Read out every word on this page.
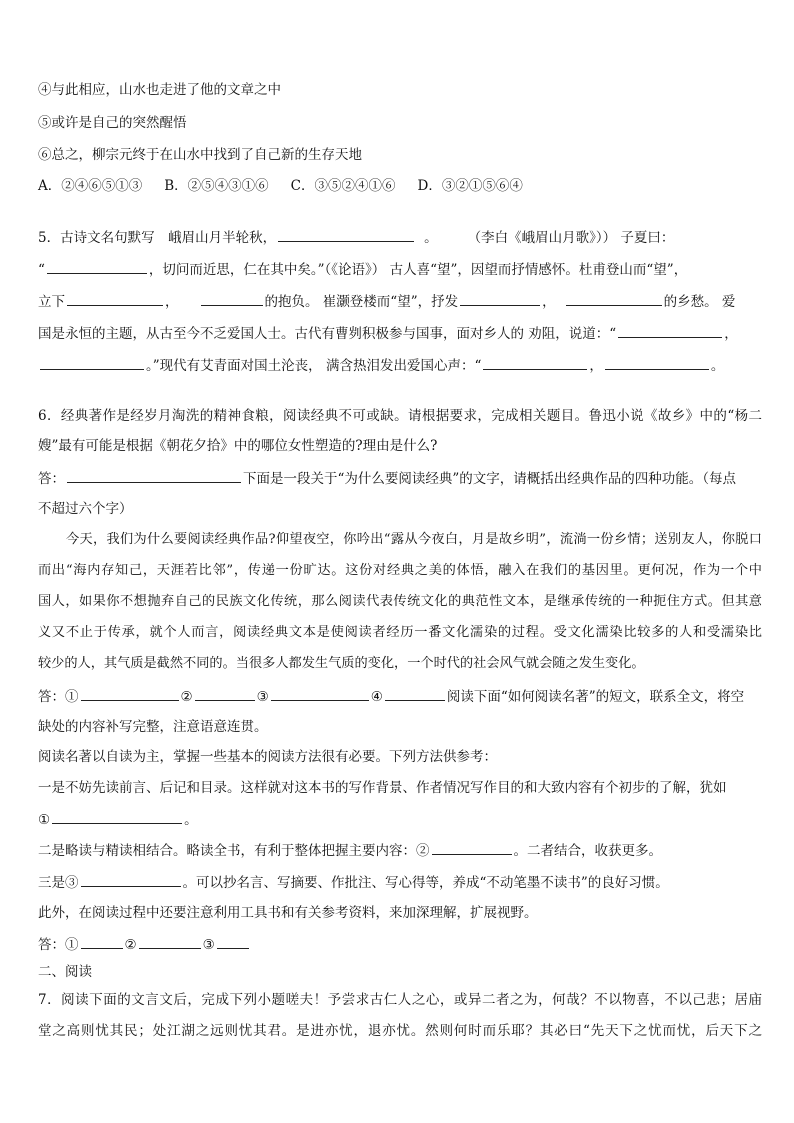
④与此相应，山水也走进了他的文章之中
⑤或许是自己的突然醒悟
⑥总之，柳宗元终于在山水中找到了自己新的生存天地
A．②④⑥⑤①③ B．②⑤④③①⑥ C．③⑤②④①⑥ D．③②①⑤⑥④
5．古诗文名句默写　峨眉山月半轮秋，	。 （李白《峨眉山月歌》）） 子夏曰：
“	，切问而近思，仁在其中矣。”（《论语》） 古人喜“望”，因望而抒情感怀。杜甫登山而“望”，
立下	，	的抱负。 崔灏登楼而“望”，抒发	，	的乡愁。 爱
国是永恒的主题，从古至今不乏爱国人士。古代有曹刿积极参与国事，面对乡人的 劝阻，说道：“	，
。”现代有艾青面对国土沦丧， 满含热泪发出爱国心声：“	，	。
6．经典著作是经岁月淘洗的精神食粮，阅读经典不可或缺。请根据要求，完成相关题目。鲁迅小说《故乡》中的“杨二
嫂”最有可能是根据《朝花夕拾》中的哪位女性塑造的?理由是什么?
答：	下面是一段关于“为什么要阅读经典”的文字，请概括出经典作品的四种功能。（每点
不超过六个字）
今天，我们为什么要阅读经典作品?仰望夜空，你吟出“露从今夜白，月是故乡明”，流淌一份乡情；送别友人，你脱口
而出“海内存知己，天涯若比邻”，传递一份旷达。这份对经典之美的体悟，融入在我们的基因里。更何况，作为一个中
国人，如果你不想抛弃自己的民族文化传统，那么阅读代表传统文化的典范性文本，是继承传统的一种扼住方式。但其意
义又不止于传承，就个人而言，阅读经典文本是使阅读者经历一番文化濡染的过程。受文化濡染比较多的人和受濡染比
较少的人，其气质是截然不同的。当很多人都发生气质的变化，一个时代的社会风气就会随之发生变化。
答：①	②	③	④	阅读下面“如何阅读名著”的短文，联系全文，将空
缺处的内容补写完整，注意语意连贯。
阅读名著以自读为主，掌握一些基本的阅读方法很有必要。下列方法供参考：
一是不妨先读前言、后记和目录。这样就对这本书的写作背景、作者情况写作目的和大致内容有个初步的了解，犹如
①	。
二是略读与精读相结合。略读全书，有利于整体把握主要内容：②	。二者结合，收获更多。
三是③	。可以抄名言、写摘要、作批注、写心得等，养成“不动笔墨不读书”的良好习惯。
此外，在阅读过程中还要注意利用工具书和有关参考资料，来加深理解，扩展视野。
答：①	②	③
二、阅读
7．阅读下面的文言文后，完成下列小题嗟夫！予尝求古仁人之心，或异二者之为，何哉？不以物喜，不以己悲；居庙
堂之高则忧其民；处江湖之远则忧其君。是进亦忧，退亦忧。然则何时而乐耶？其必曰“先天下之忧而忧，后天下之
